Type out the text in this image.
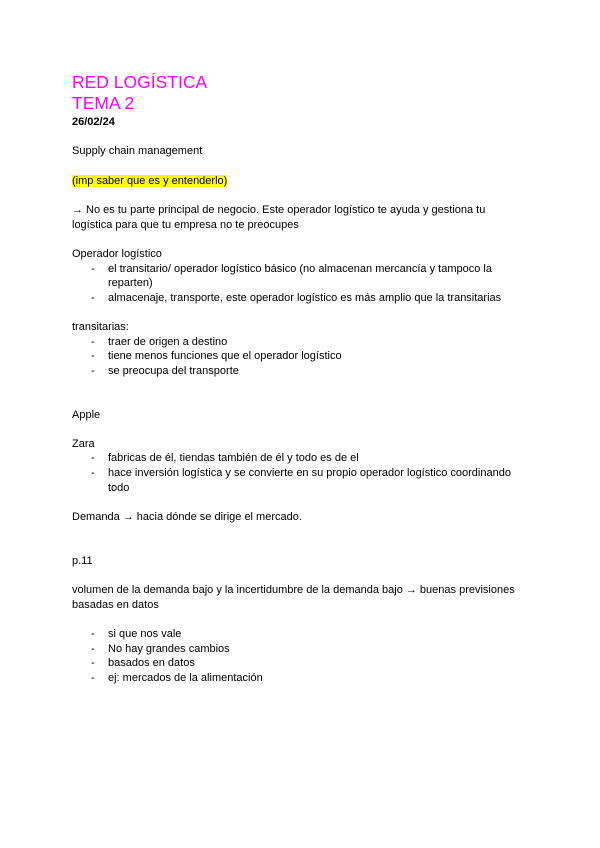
RED LOGÍSTICA
TEMA 2
26/02/24
Supply chain management
(imp saber que es y entenderlo)
→ No es tu parte principal de negocio. Este operador logístico te ayuda y gestiona tu
logística para que tu empresa no te preocupes
Operador logístico
- el transitario/ operador logístico básico (no almacenan mercancía y tampoco la
reparten)
- almacenaje, transporte, este operador logístico es más amplio que la transitarias
transitarias:
- traer de origen a destino
- tiene menos funciones que el operador logístico
- se preocupa del transporte
Apple
Zara
- fabricas de él, tiendas también de él y todo es de el
- hace inversión logística y se convierte en su propio operador logístico coordinando
todo
Demanda → hacia dónde se dirige el mercado.
p.11
volumen de la demanda bajo y la incertidumbre de la demanda bajo → buenas previsiones
basadas en datos
- si que nos vale
- No hay grandes cambios
- basados en datos
- ej: mercados de la alimentación
